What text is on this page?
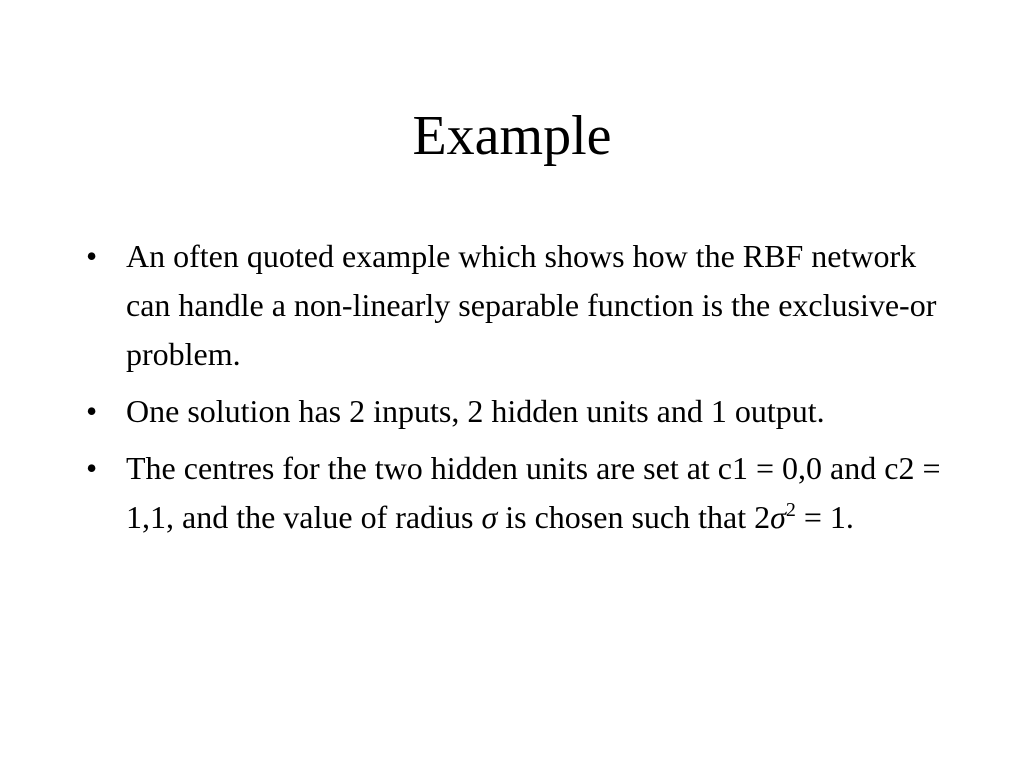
Example
• An often quoted example which shows how the RBF network can handle a non-linearly separable function is the exclusive-or problem.
• One solution has 2 inputs, 2 hidden units and 1 output.
• The centres for the two hidden units are set at c1 = 0,0 and c2 = 1,1, and the value of radius σ is chosen such that $2\sigma^2 = 1$.
